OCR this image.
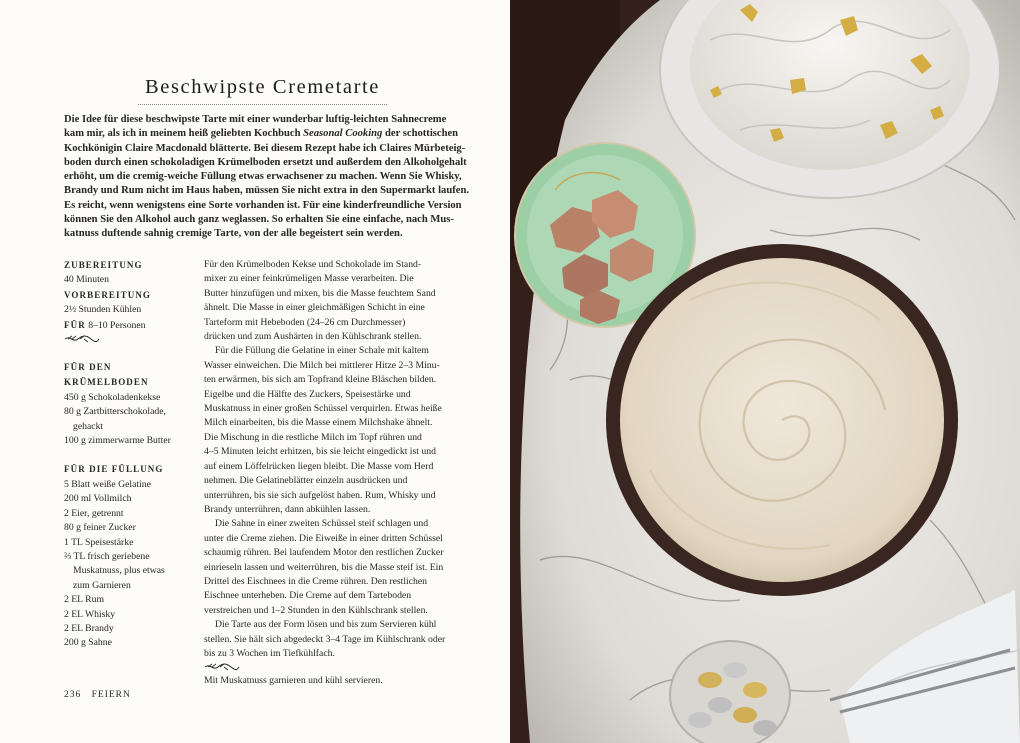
Beschwipste Cremetarte

Die Idee für diese beschwipste Tarte mit einer wunderbar luftig-leichten Sahnecreme
kam mir, als ich in meinem heiß geliebten Kochbuch Seasonal Cooking der schottischen
Kochkönigin Claire Macdonald blätterte. Bei diesem Rezept habe ich Claires Mürbeteig-
boden durch einen schokoladigen Krümelboden ersetzt und außerdem den Alkoholgehalt
erhöht, um die cremig-weiche Füllung etwas erwachsener zu machen. Wenn Sie Whisky,
Brandy und Rum nicht im Haus haben, müssen Sie nicht extra in den Supermarkt laufen.
Es reicht, wenn wenigstens eine Sorte vorhanden ist. Für eine kinderfreundliche Version
können Sie den Alkohol auch ganz weglassen. So erhalten Sie eine einfache, nach Mus-
katnuss duftende sahnig cremige Tarte, von der alle begeistert sein werden.

ZUBEREITUNG
40 Minuten
VORBEREITUNG
2½ Stunden Kühlen
FÜR 8–10 Personen
FÜR DEN
KRÜMELBODEN
450 g Schokoladenkekse
80 g Zartbitterschokolade,
gehackt
100 g zimmerwarme Butter
FÜR DIE FÜLLUNG
5 Blatt weiße Gelatine
200 ml Vollmilch
2 Eier, getrennt
80 g feiner Zucker
1 TL Speisestärke
⅔ TL frisch geriebene
Muskatnuss, plus etwas
zum Garnieren
2 EL Rum
2 EL Whisky
2 EL Brandy
200 g Sahne
Für den Krümelboden Kekse und Schokolade im Stand-
mixer zu einer feinkrümeligen Masse verarbeiten. Die
Butter hinzufügen und mixen, bis die Masse feuchtem Sand
ähnelt. Die Masse in einer gleichmäßigen Schicht in eine
Tarteform mit Hebeboden (24–26 cm Durchmesser)
drücken und zum Aushärten in den Kühlschrank stellen.
Für die Füllung die Gelatine in einer Schale mit kaltem
Wasser einweichen. Die Milch bei mittlerer Hitze 2–3 Minu-
ten erwärmen, bis sich am Topfrand kleine Bläschen bilden.
Eigelbe und die Hälfte des Zuckers, Speisestärke und
Muskatnuss in einer großen Schüssel verquirlen. Etwas heiße
Milch einarbeiten, bis die Masse einem Milchshake ähnelt.
Die Mischung in die restliche Milch im Topf rühren und
4–5 Minuten leicht erhitzen, bis sie leicht eingedickt ist und
auf einem Löffelrücken liegen bleibt. Die Masse vom Herd
nehmen. Die Gelatineblätter einzeln ausdrücken und
unterrühren, bis sie sich aufgelöst haben. Rum, Whisky und
Brandy unterrühren, dann abkühlen lassen.
Die Sahne in einer zweiten Schüssel steif schlagen und
unter die Creme ziehen. Die Eiweiße in einer dritten Schüssel
schaumig rühren. Bei laufendem Motor den restlichen Zucker
einrieseln lassen und weiterrühren, bis die Masse steif ist. Ein
Drittel des Eischnees in die Creme rühren. Den restlichen
Eischnee unterheben. Die Creme auf dem Tarteboden
verstreichen und 1–2 Stunden in den Kühlschrank stellen.
Die Tarte aus der Form lösen und bis zum Servieren kühl
stellen. Sie hält sich abgedeckt 3–4 Tage im Kühlschrank oder
bis zu 3 Wochen im Tiefkühlfach.
Mit Muskatnuss garnieren und kühl servieren.
236 FEIERN
